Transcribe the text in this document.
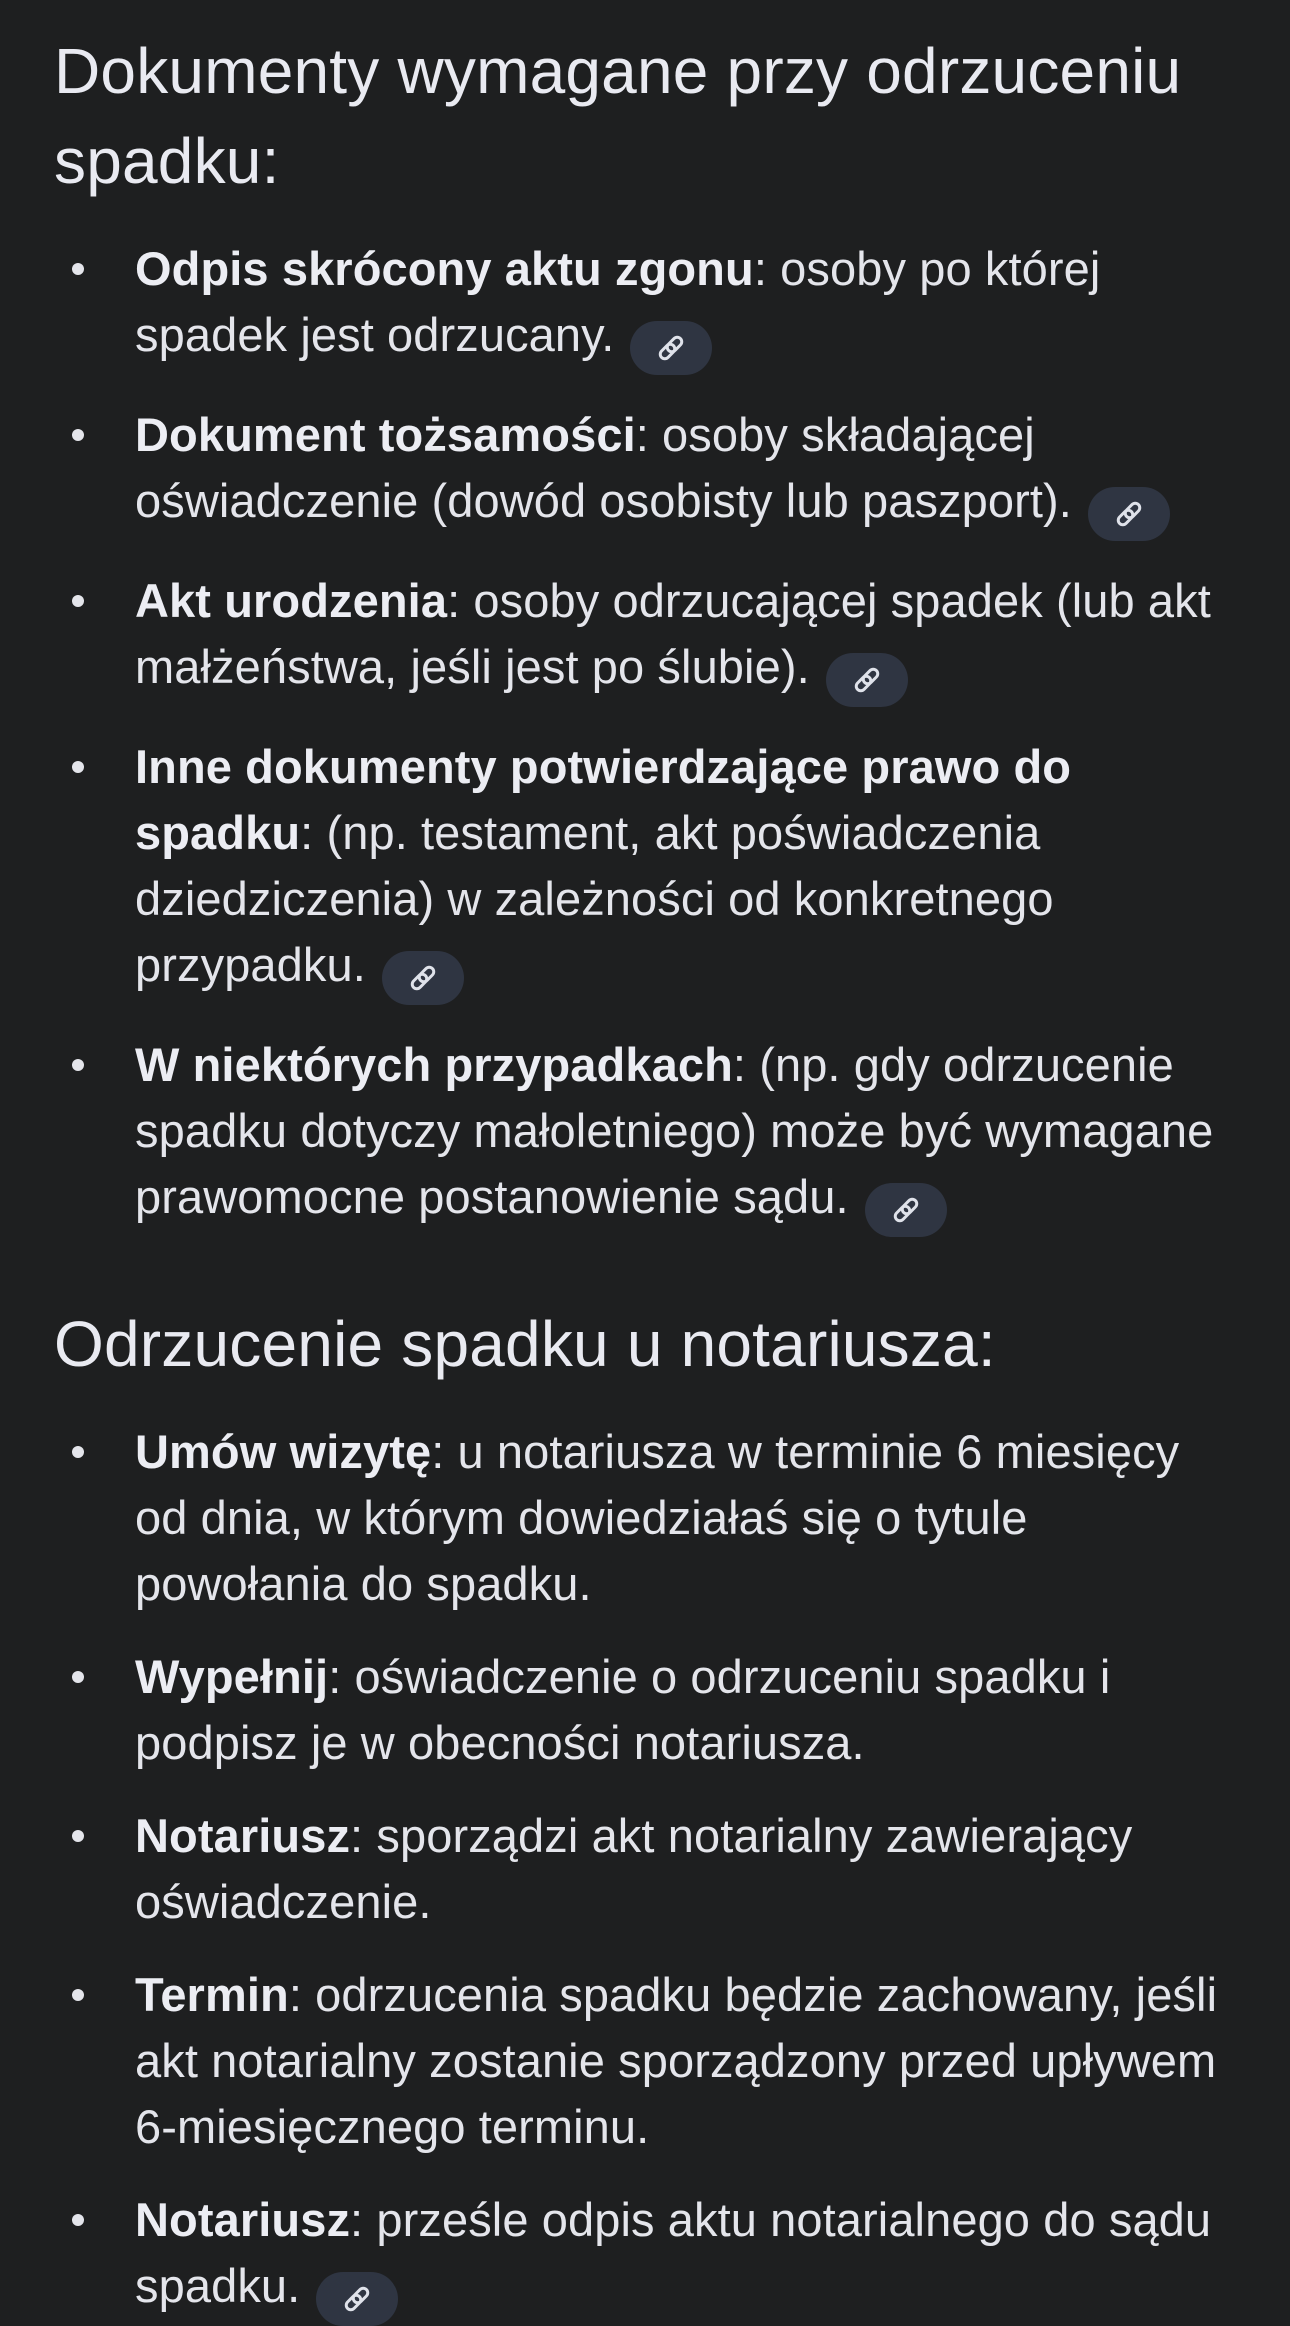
Dokumenty wymagane przy odrzuceniu spadku:
Odpis skrócony aktu zgonu: osoby po której spadek jest odrzucany.
Dokument tożsamości: osoby składającej oświadczenie (dowód osobisty lub paszport).
Akt urodzenia: osoby odrzucającej spadek (lub akt małżeństwa, jeśli jest po ślubie).
Inne dokumenty potwierdzające prawo do spadku: (np. testament, akt poświadczenia dziedziczenia) w zależności od konkretnego przypadku.
W niektórych przypadkach: (np. gdy odrzucenie spadku dotyczy małoletniego) może być wymagane prawomocne postanowienie sądu.
Odrzucenie spadku u notariusza:
Umów wizytę: u notariusza w terminie 6 miesięcy od dnia, w którym dowiedziałaś się o tytule powołania do spadku.
Wypełnij: oświadczenie o odrzuceniu spadku i podpisz je w obecności notariusza.
Notariusz: sporządzi akt notarialny zawierający oświadczenie.
Termin: odrzucenia spadku będzie zachowany, jeśli akt notarialny zostanie sporządzony przed upływem 6-miesięcznego terminu.
Notariusz: prześle odpis aktu notarialnego do sądu spadku.
